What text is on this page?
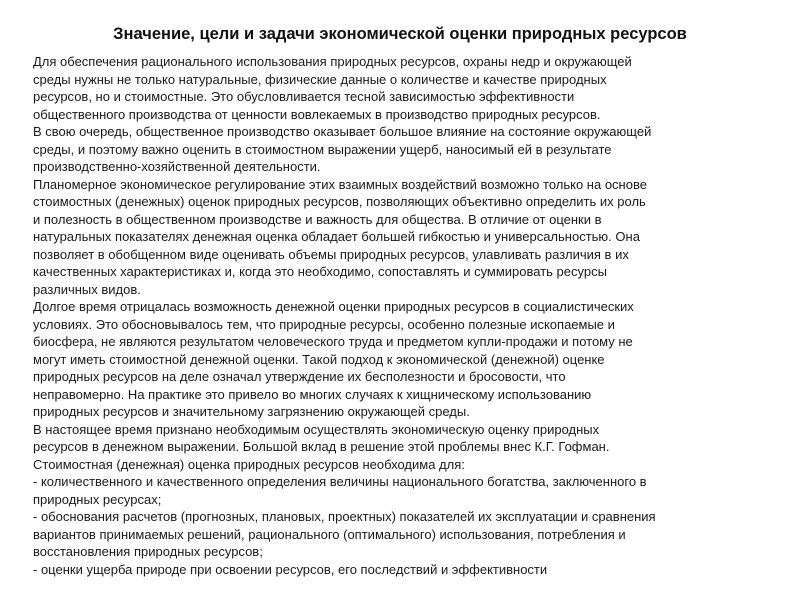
Значение, цели и задачи экономической оценки природных ресурсов
Для обеспечения рационального использования природных ресурсов, охраны недр и окружающей
среды нужны не только натуральные, физические данные о количестве и качестве природных
ресурсов, но и стоимостные. Это обусловливается тесной зависимостью эффективности
общественного производства от ценности вовлекаемых в производство природных ресурсов.
В свою очередь, общественное производство оказывает большое влияние на состояние окружающей
среды, и поэтому важно оценить в стоимостном выражении ущерб, наносимый ей в результате
производственно-хозяйственной деятельности.
Планомерное экономическое регулирование этих взаимных воздействий возможно только на основе
стоимостных (денежных) оценок природных ресурсов, позволяющих объективно определить их роль
и полезность в общественном производстве и важность для общества. В отличие от оценки в
натуральных показателях денежная оценка обладает большей гибкостью и универсальностью. Она
позволяет в обобщенном виде оценивать объемы природных ресурсов, улавливать различия в их
качественных характеристиках и, когда это необходимо, сопоставлять и суммировать ресурсы
различных видов.
Долгое время отрицалась возможность денежной оценки природных ресурсов в социалистических
условиях. Это обосновывалось тем, что природные ресурсы, особенно полезные ископаемые и
биосфера, не являются результатом человеческого труда и предметом купли-продажи и потому не
могут иметь стоимостной денежной оценки. Такой подход к экономической (денежной) оценке
природных ресурсов на деле означал утверждение их бесполезности и бросовости, что
неправомерно. На практике это привело во многих случаях к хищническому использованию
природных ресурсов и значительному загрязнению окружающей среды.
В настоящее время признано необходимым осуществлять экономическую оценку природных
ресурсов в денежном выражении. Большой вклад в решение этой проблемы внес К.Г. Гофман.
Стоимостная (денежная) оценка природных ресурсов необходима для:
- количественного и качественного определения величины национального богатства, заключенного в
природных ресурсах;
- обоснования расчетов (прогнозных, плановых, проектных) показателей их эксплуатации и сравнения
вариантов принимаемых решений, рационального (оптимального) использования, потребления и
восстановления природных ресурсов;
- оценки ущерба природе при освоении ресурсов, его последствий и эффективности
